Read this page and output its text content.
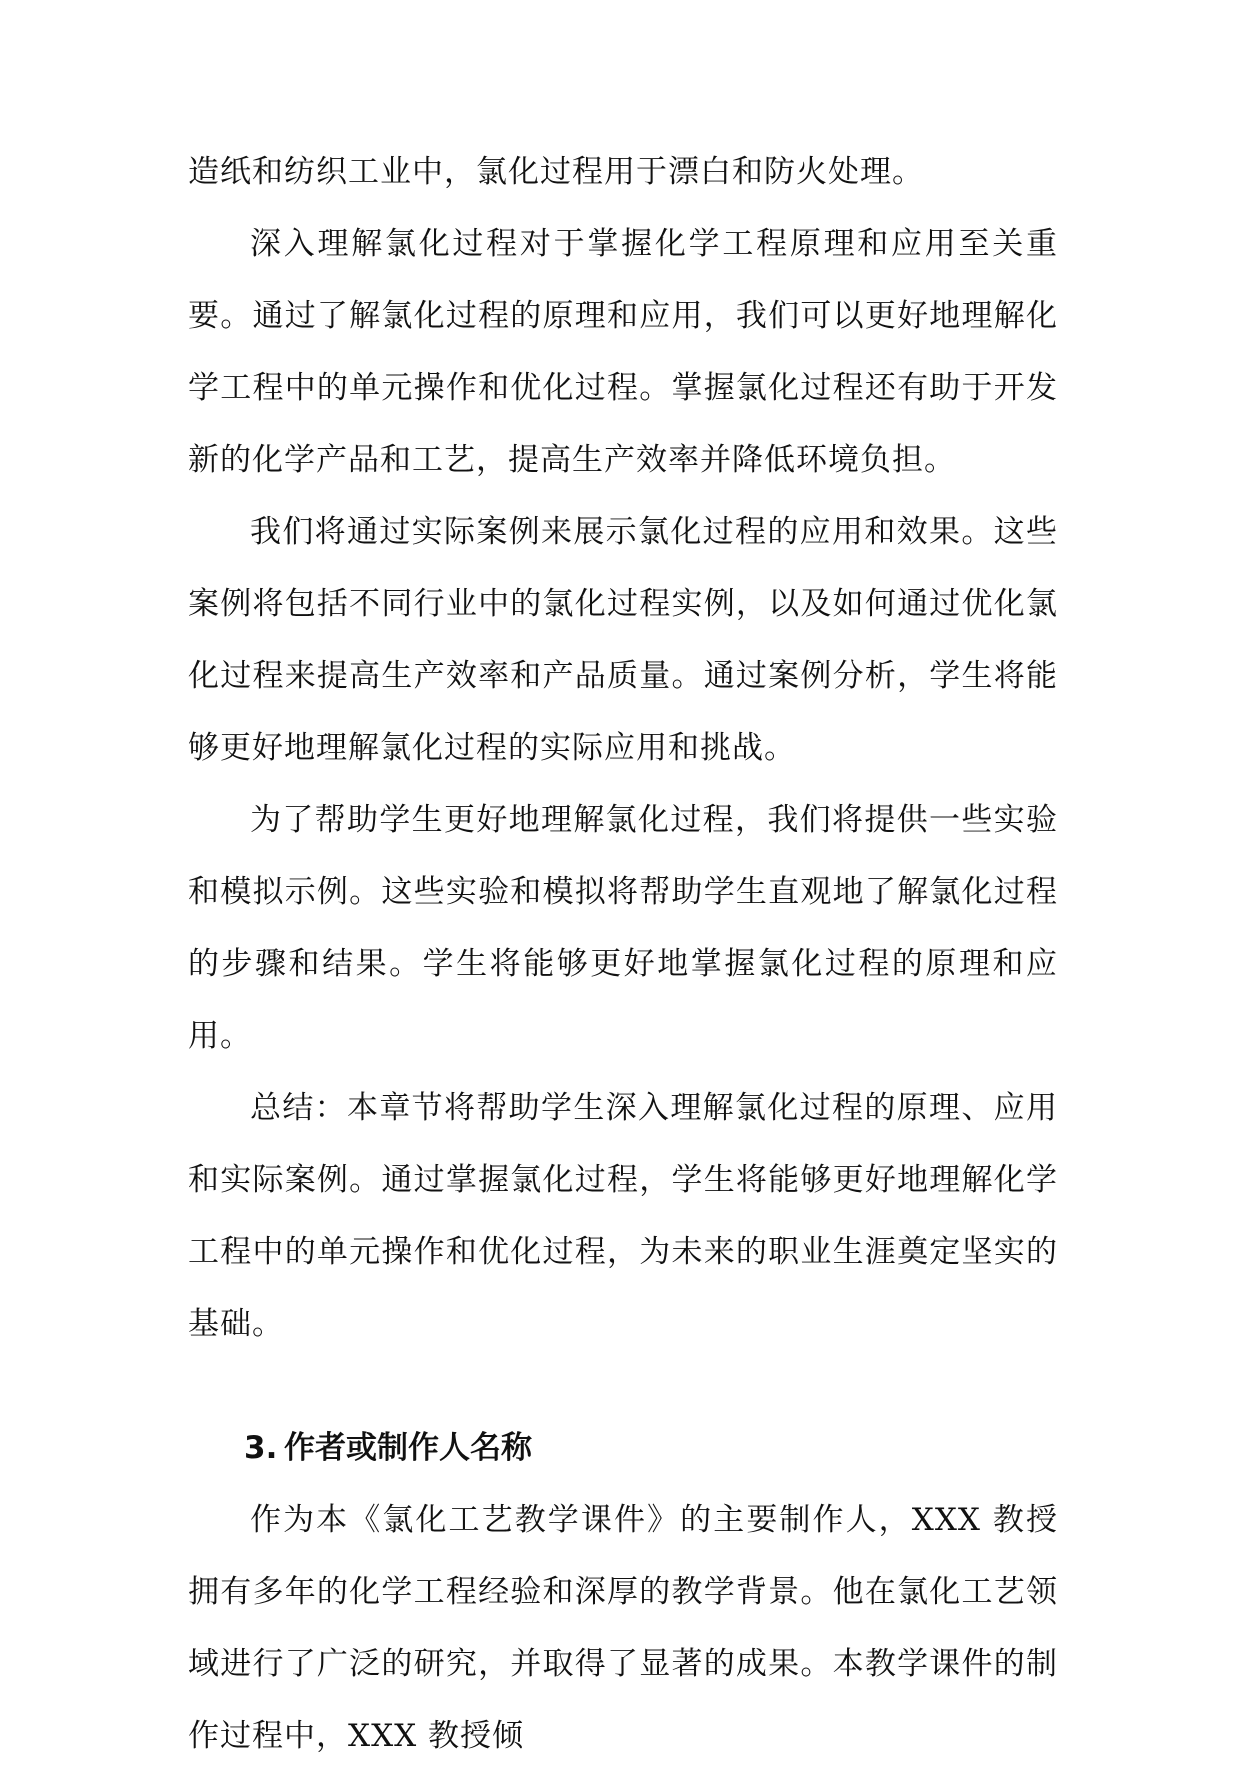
造纸和纺织工业中，氯化过程用于漂白和防火处理。

深入理解氯化过程对于掌握化学工程原理和应用至关重要。通过了解氯化过程的原理和应用，我们可以更好地理解化学工程中的单元操作和优化过程。掌握氯化过程还有助于开发新的化学产品和工艺，提高生产效率并降低环境负担。

我们将通过实际案例来展示氯化过程的应用和效果。这些案例将包括不同行业中的氯化过程实例，以及如何通过优化氯化过程来提高生产效率和产品质量。通过案例分析，学生将能够更好地理解氯化过程的实际应用和挑战。

为了帮助学生更好地理解氯化过程，我们将提供一些实验和模拟示例。这些实验和模拟将帮助学生直观地了解氯化过程的步骤和结果。学生将能够更好地掌握氯化过程的原理和应用。

总结：本章节将帮助学生深入理解氯化过程的原理、应用和实际案例。通过掌握氯化过程，学生将能够更好地理解化学工程中的单元操作和优化过程，为未来的职业生涯奠定坚实的基础。

3. 作者或制作人名称

作为本《氯化工艺教学课件》的主要制作人，XXX 教授拥有多年的化学工程经验和深厚的教学背景。他在氯化工艺领域进行了广泛的研究，并取得了显著的成果。本教学课件的制作过程中，XXX 教授倾
